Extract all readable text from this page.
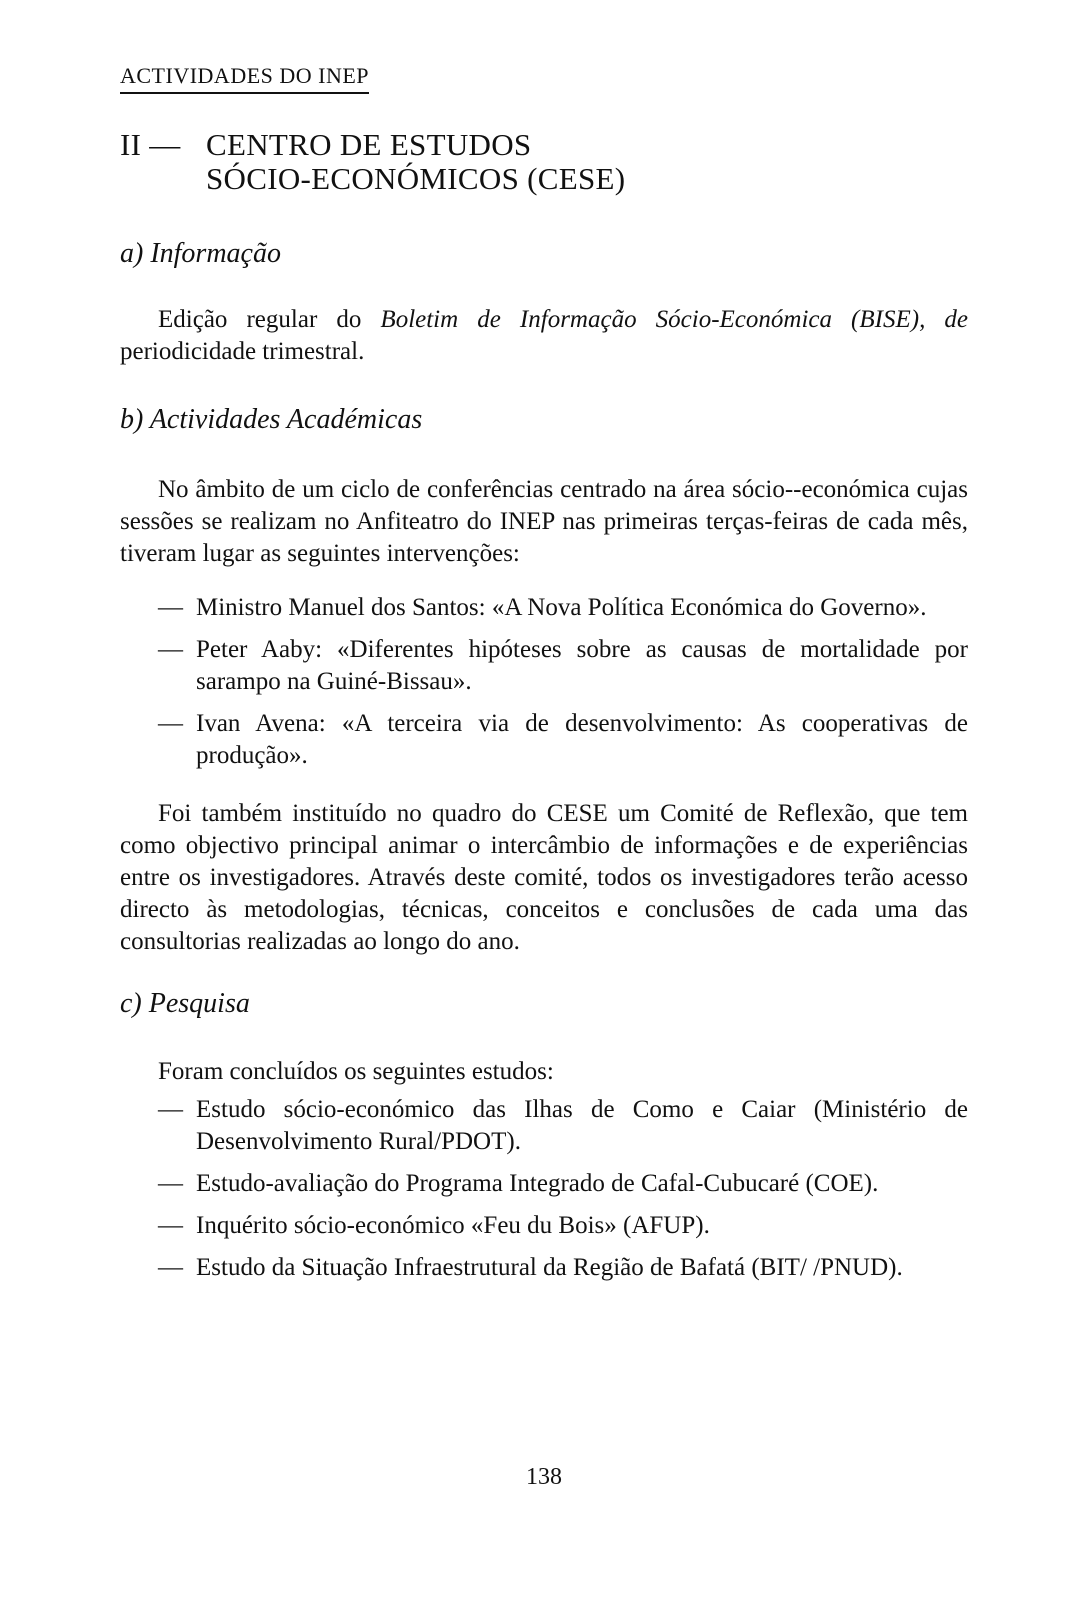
ACTIVIDADES DO INEP
II — CENTRO DE ESTUDOS
SÓCIO-ECONÓMICOS (CESE)
a) Informação

Edição regular do Boletim de Informação Sócio-Económica (BISE), de periodicidade trimestral.

b) Actividades Académicas

No âmbito de um ciclo de conferências centrado na área sócio--económica cujas sessões se realizam no Anfiteatro do INEP nas primeiras terças-feiras de cada mês, tiveram lugar as seguintes intervenções:

— Ministro Manuel dos Santos: «A Nova Política Económica do Governo».
— Peter Aaby: «Diferentes hipóteses sobre as causas de mortalidade por sarampo na Guiné-Bissau».
— Ivan Avena: «A terceira via de desenvolvimento: As cooperativas de produção».

Foi também instituído no quadro do CESE um Comité de Reflexão, que tem como objectivo principal animar o intercâmbio de informações e de experiências entre os investigadores. Através deste comité, todos os investigadores terão acesso directo às metodologias, técnicas, conceitos e conclusões de cada uma das consultorias realizadas ao longo do ano.

c) Pesquisa

Foram concluídos os seguintes estudos:

— Estudo sócio-económico das Ilhas de Como e Caiar (Ministério de Desenvolvimento Rural/PDOT).
— Estudo-avaliação do Programa Integrado de Cafal-Cubucaré (COE).
— Inquérito sócio-económico «Feu du Bois» (AFUP).
— Estudo da Situação Infraestrutural da Região de Bafatá (BIT/ /PNUD).
138
